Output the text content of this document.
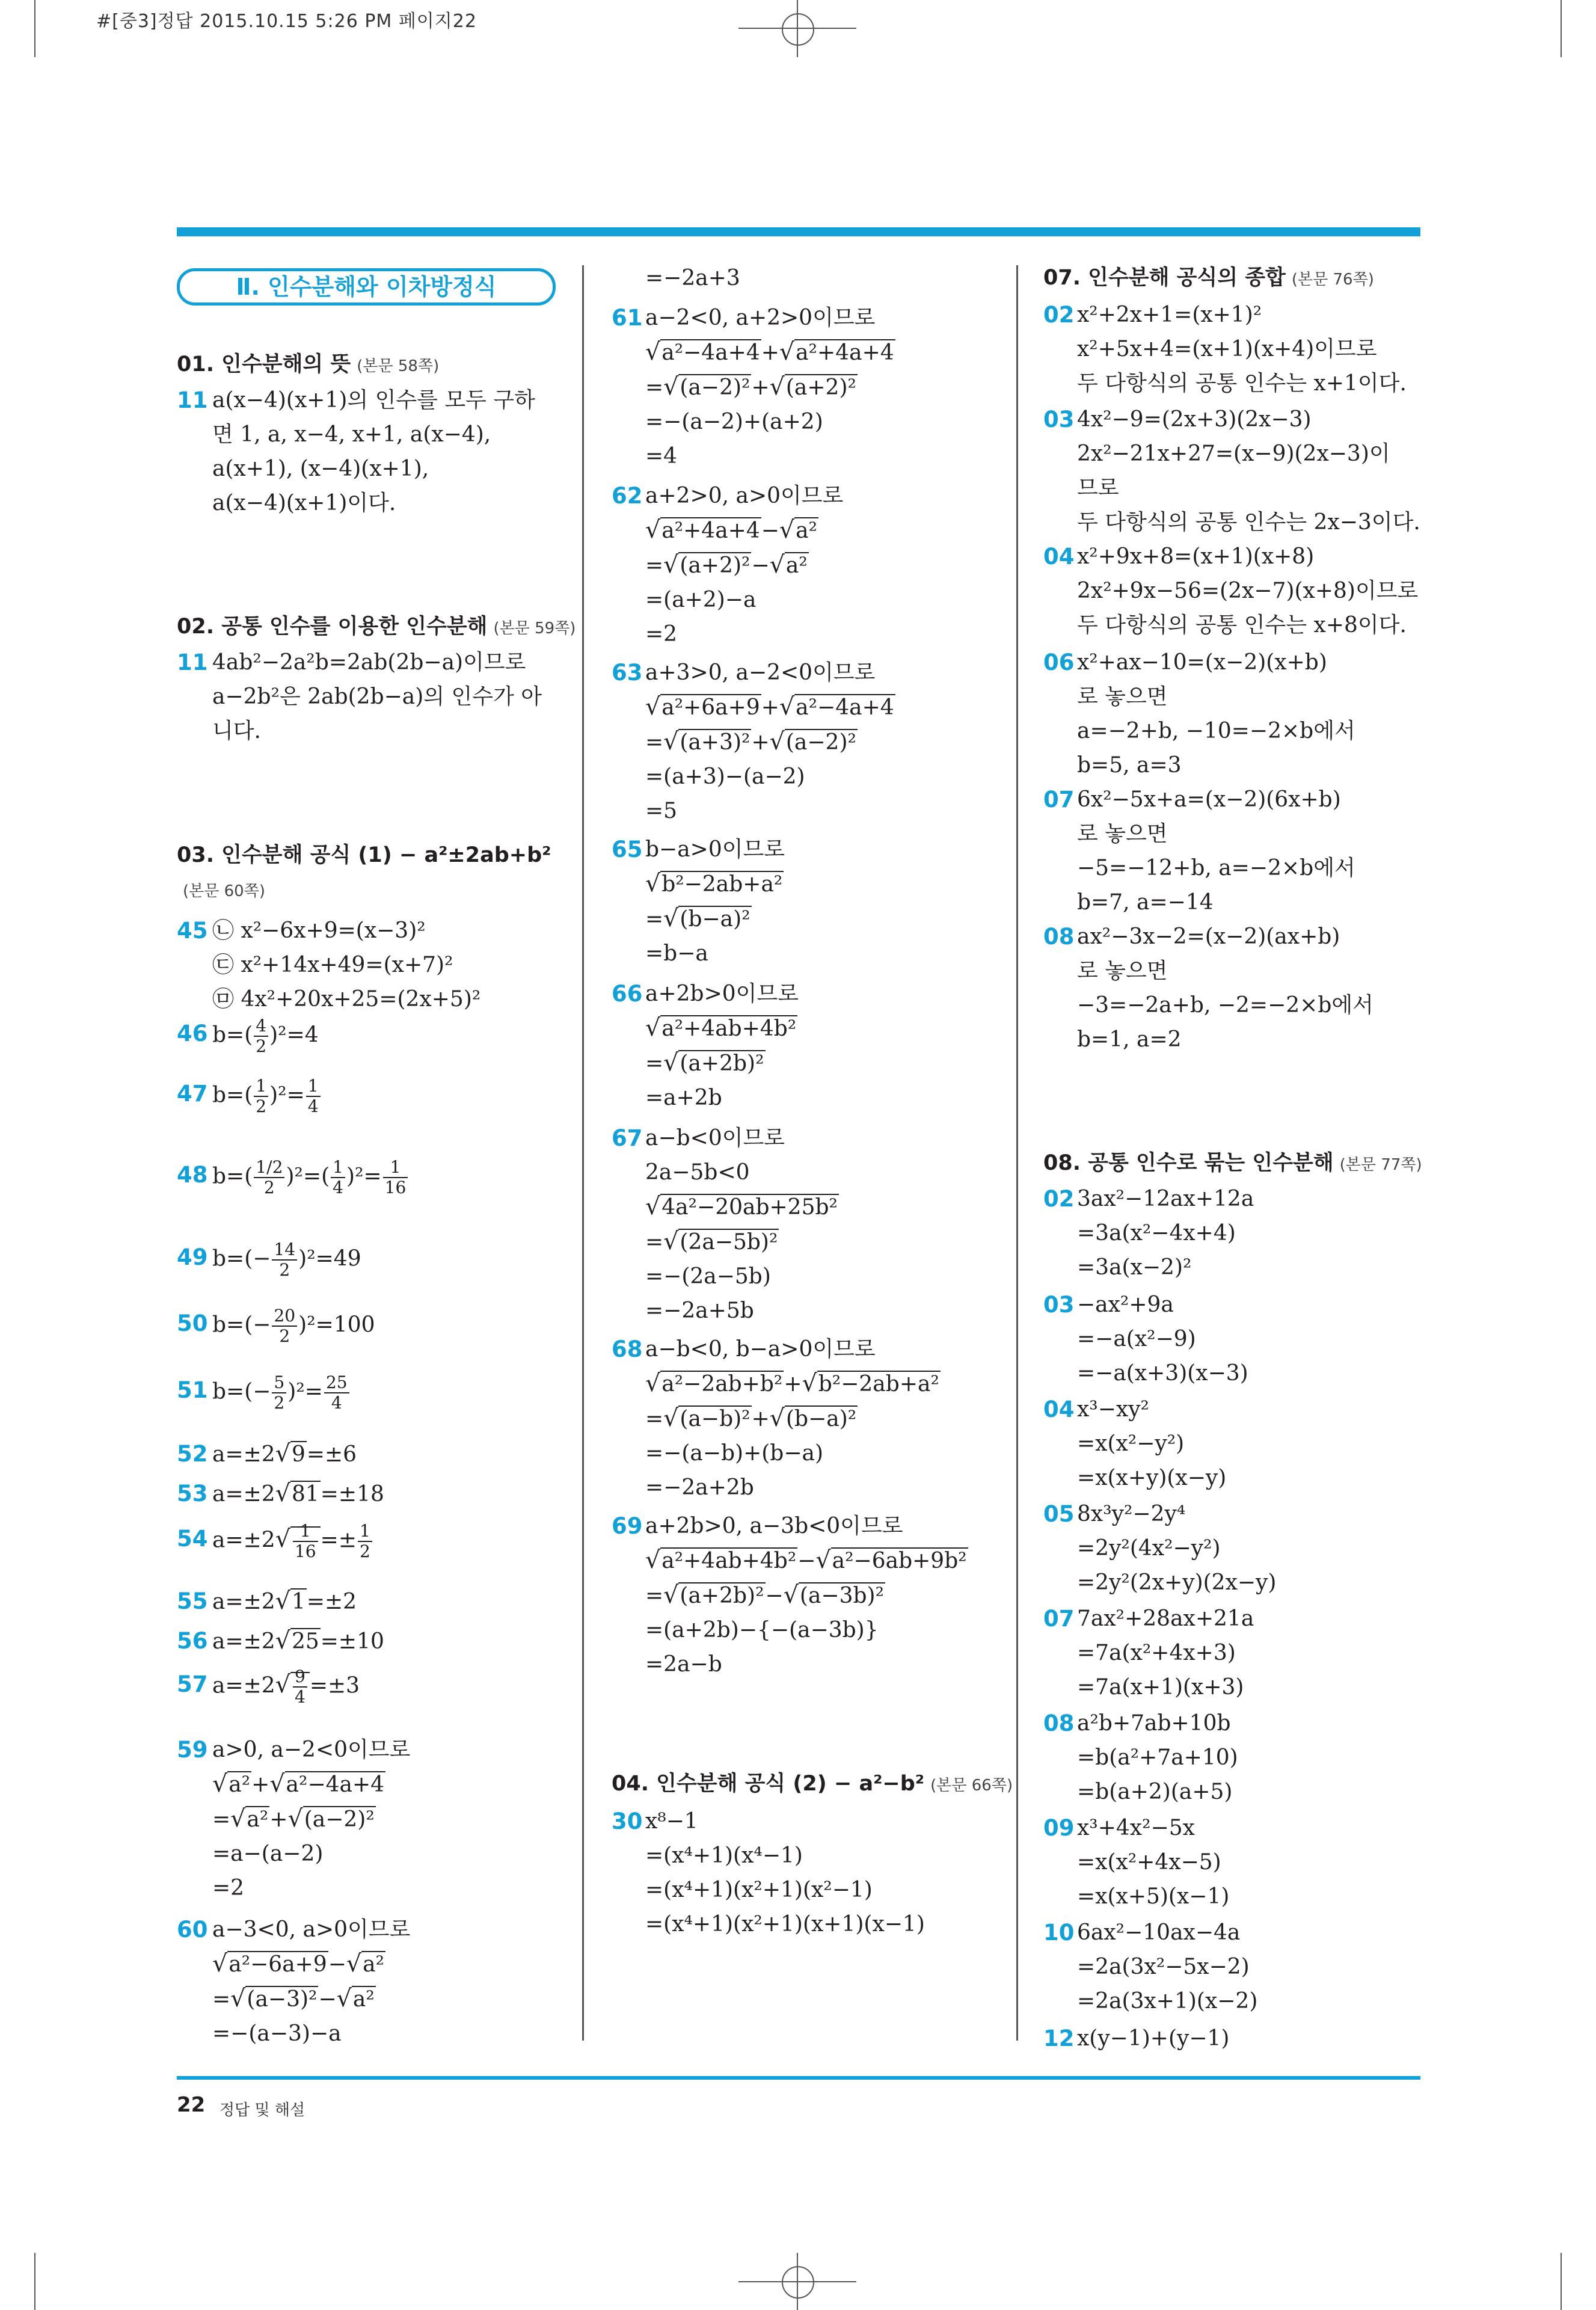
#[중3]정답 2015.10.15 5:26 PM 페이지22
Ⅱ. 인수분해와 이차방정식
01. 인수분해의 뜻 (본문 58쪽)
11 a(x−4)(x+1)의 인수를 모두 구하
면 1, a, x−4, x+1, a(x−4),
a(x+1), (x−4)(x+1),
a(x−4)(x+1)이다.
02. 공통 인수를 이용한 인수분해 (본문 59쪽)
11 4ab²−2a²b=2ab(2b−a)이므로
a−2b²은 2ab(2b−a)의 인수가 아
니다.
03. 인수분해 공식 (1) − a²±2ab+b²
(본문 60쪽)
45 ㉡ x²−6x+9=(x−3)²
㉢ x²+14x+49=(x+7)²
㉤ 4x²+20x+25=(2x+5)²
46 $b=( \frac{4}{2} )^2=4$
47 $b=( \frac{1}{2} )^2= \frac{1}{4}$
48 $b=( \frac{1/2}{2} )^2=( \frac{1}{4} )^2= \frac{1}{16}$
49 $b=(- \frac{14}{2} )^2=49$
50 $b=(- \frac{20}{2} )^2=100$
51 $b=(- \frac{5}{2} )^2= \frac{25}{4}$
52 a=±2√9=±6
53 a=±2√81=±18
54 $a=\pm 2√ \frac{1}{16} =\pm \frac{1}{2}$
55 a=±2√1=±2
56 a=±2√25=±10
57 $a=\pm 2√ \frac{9}{4} =\pm 3$
59 a>0, a−2<0이므로
√a²+√a²−4a+4
=√a²+√(a−2)²
=a−(a−2)
=2
60 a−3<0, a>0이므로
√a²−6a+9−√a²
=√(a−3)²−√a²
=−(a−3)−a
=−2a+3
61 a−2<0, a+2>0이므로
√a²−4a+4+√a²+4a+4
=√(a−2)²+√(a+2)²
=−(a−2)+(a+2)
=4
62 a+2>0, a>0이므로
√a²+4a+4−√a²
=√(a+2)²−√a²
=(a+2)−a
=2
63 a+3>0, a−2<0이므로
√a²+6a+9+√a²−4a+4
=√(a+3)²+√(a−2)²
=(a+3)−(a−2)
=5
65 b−a>0이므로
√b²−2ab+a²
=√(b−a)²
=b−a
66 a+2b>0이므로
√a²+4ab+4b²
=√(a+2b)²
=a+2b
67 a−b<0이므로
2a−5b<0
√4a²−20ab+25b²
=√(2a−5b)²
=−(2a−5b)
=−2a+5b
68 a−b<0, b−a>0이므로
√a²−2ab+b²+√b²−2ab+a²
=√(a−b)²+√(b−a)²
=−(a−b)+(b−a)
=−2a+2b
69 a+2b>0, a−3b<0이므로
√a²+4ab+4b²−√a²−6ab+9b²
=√(a+2b)²−√(a−3b)²
=(a+2b)−{−(a−3b)}
=2a−b
04. 인수분해 공식 (2) − a²−b² (본문 66쪽)
30 x⁸−1
=(x⁴+1)(x⁴−1)
=(x⁴+1)(x²+1)(x²−1)
=(x⁴+1)(x²+1)(x+1)(x−1)
07. 인수분해 공식의 종합 (본문 76쪽)
02 x²+2x+1=(x+1)²
x²+5x+4=(x+1)(x+4)이므로
두 다항식의 공통 인수는 x+1이다.
03 4x²−9=(2x+3)(2x−3)
2x²−21x+27=(x−9)(2x−3)이
므로
두 다항식의 공통 인수는 2x−3이다.
04 x²+9x+8=(x+1)(x+8)
2x²+9x−56=(2x−7)(x+8)이므로
두 다항식의 공통 인수는 x+8이다.
06 x²+ax−10=(x−2)(x+b)
로 놓으면
a=−2+b, −10=−2×b에서
b=5, a=3
07 6x²−5x+a=(x−2)(6x+b)
로 놓으면
−5=−12+b, a=−2×b에서
b=7, a=−14
08 ax²−3x−2=(x−2)(ax+b)
로 놓으면
−3=−2a+b, −2=−2×b에서
b=1, a=2
08. 공통 인수로 묶는 인수분해 (본문 77쪽)
02 3ax²−12ax+12a
=3a(x²−4x+4)
=3a(x−2)²
03 −ax²+9a
=−a(x²−9)
=−a(x+3)(x−3)
04 x³−xy²
=x(x²−y²)
=x(x+y)(x−y)
05 8x³y²−2y⁴
=2y²(4x²−y²)
=2y²(2x+y)(2x−y)
07 7ax²+28ax+21a
=7a(x²+4x+3)
=7a(x+1)(x+3)
08 a²b+7ab+10b
=b(a²+7a+10)
=b(a+2)(a+5)
09 x³+4x²−5x
=x(x²+4x−5)
=x(x+5)(x−1)
10 6ax²−10ax−4a
=2a(3x²−5x−2)
=2a(3x+1)(x−2)
12 x(y−1)+(y−1)
22 정답 및 해설
